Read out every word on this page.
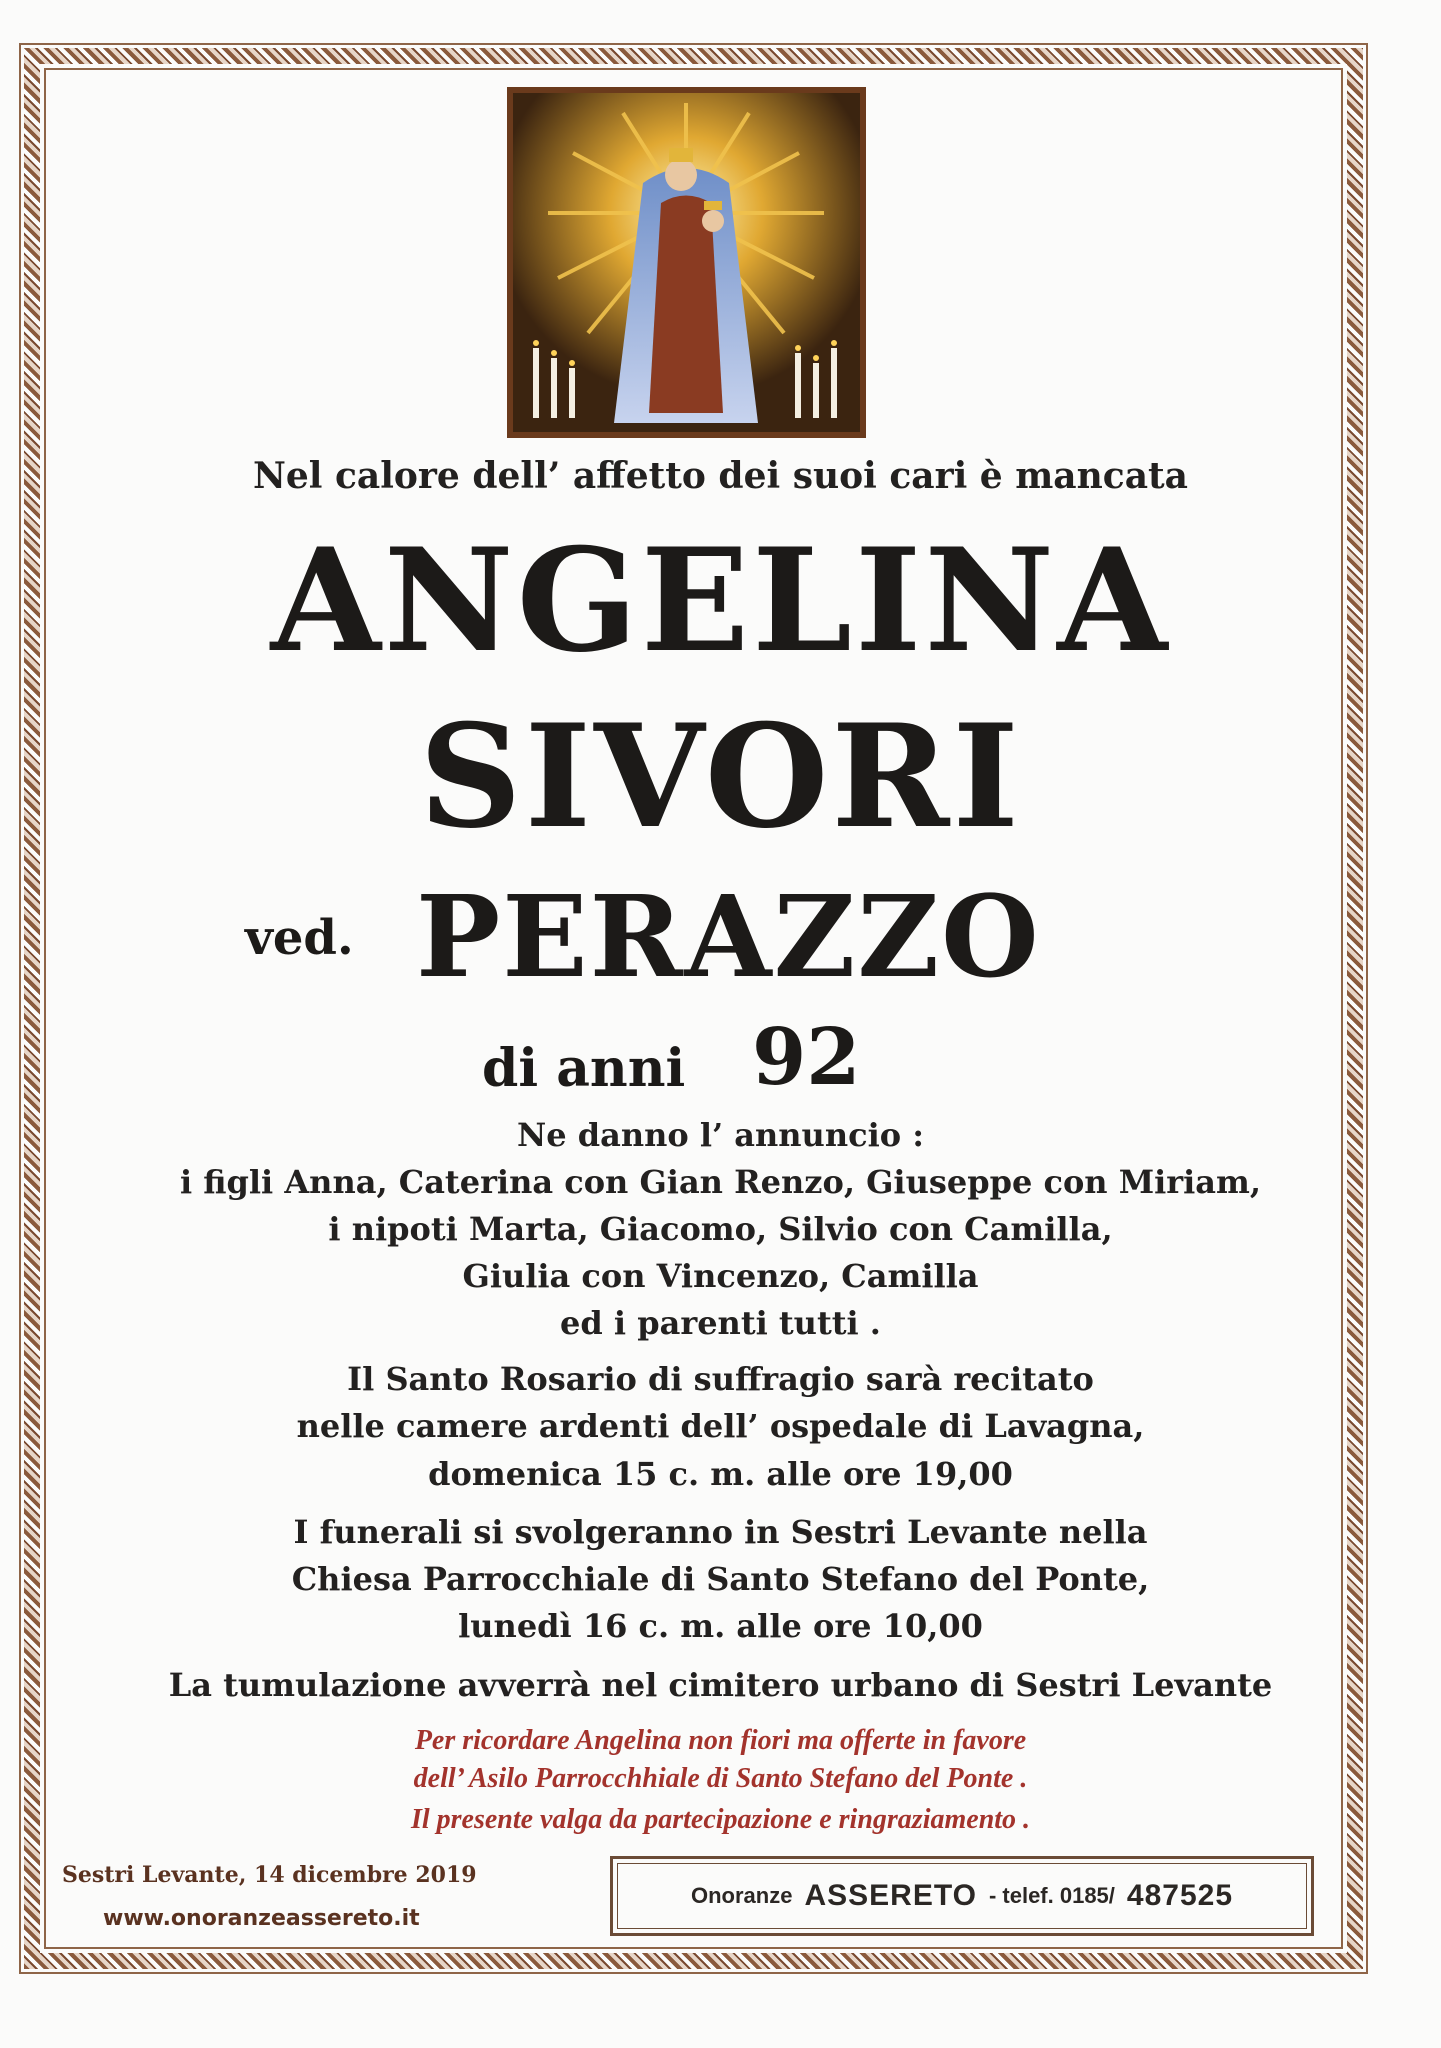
Nel calore dell’ affetto dei suoi cari è mancata
ANGELINA
SIVORI
ved. PERAZZO
di anni 92
Ne danno l’ annuncio :
i figli Anna, Caterina con Gian Renzo, Giuseppe con Miriam,
i nipoti Marta, Giacomo, Silvio con Camilla,
Giulia con Vincenzo, Camilla
ed i parenti tutti .
Il Santo Rosario di suffragio sarà recitato
nelle camere ardenti dell’ ospedale di Lavagna,
domenica 15 c. m. alle ore 19,00
I funerali si svolgeranno in Sestri Levante nella
Chiesa Parrocchiale di Santo Stefano del Ponte,
lunedì 16 c. m. alle ore 10,00
La tumulazione avverrà nel cimitero urbano di Sestri Levante
Per ricordare Angelina non fiori ma offerte in favore
dell’ Asilo Parrocchhiale di Santo Stefano del Ponte .
Il presente valga da partecipazione e ringraziamento .
Sestri Levante, 14 dicembre 2019
www.onoranzeassereto.it
Onoranze ASSERETO - telef. 0185/ 487525
